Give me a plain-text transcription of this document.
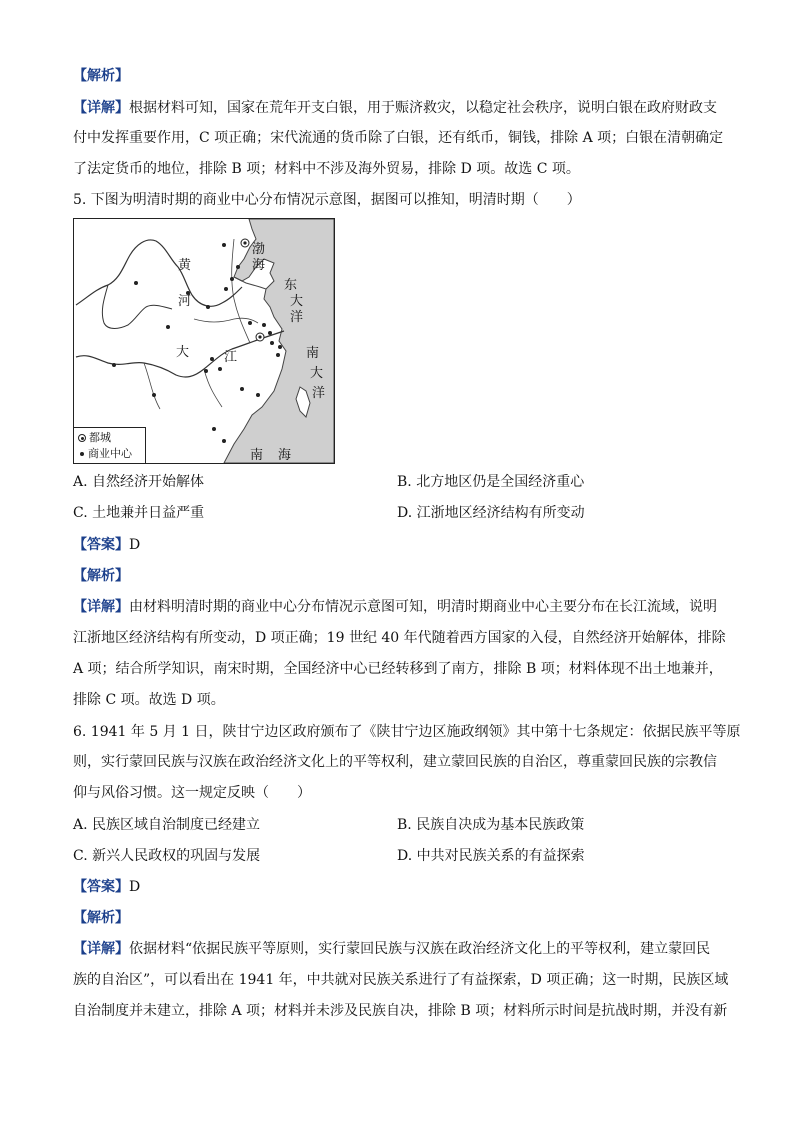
【解析】
【详解】根据材料可知，国家在荒年开支白银，用于赈济救灾，以稳定社会秩序，说明白银在政府财政支
付中发挥重要作用，C 项正确；宋代流通的货币除了白银，还有纸币，铜钱，排除 A 项；白银在清朝确定
了法定货币的地位，排除 B 项；材料中不涉及海外贸易，排除 D 项。故选 C 项。
5. 下图为明清时期的商业中心分布情况示意图，据图可以推知，明清时期（　　）
渤
海
黄
河
大	江
东
大
洋
南
大
洋
南 海
都城
商业中心
A. 自然经济开始解体	B. 北方地区仍是全国经济重心
C. 土地兼并日益严重	D. 江浙地区经济结构有所变动
【答案】D
【解析】
【详解】由材料明清时期的商业中心分布情况示意图可知，明清时期商业中心主要分布在长江流域，说明
江浙地区经济结构有所变动，D 项正确；19 世纪 40 年代随着西方国家的入侵，自然经济开始解体，排除
A 项；结合所学知识，南宋时期，全国经济中心已经转移到了南方，排除 B 项；材料体现不出土地兼并，
排除 C 项。故选 D 项。
6. 1941 年 5 月 1 日，陕甘宁边区政府颁布了《陕甘宁边区施政纲领》其中第十七条规定：依据民族平等原
则，实行蒙回民族与汉族在政治经济文化上的平等权利，建立蒙回民族的自治区，尊重蒙回民族的宗教信
仰与风俗习惯。这一规定反映（　　）
A. 民族区域自治制度已经建立	B. 民族自决成为基本民族政策
C. 新兴人民政权的巩固与发展	D. 中共对民族关系的有益探索
【答案】D
【解析】
【详解】依据材料“依据民族平等原则，实行蒙回民族与汉族在政治经济文化上的平等权利，建立蒙回民
族的自治区”，可以看出在 1941 年，中共就对民族关系进行了有益探索，D 项正确；这一时期，民族区域
自治制度并未建立，排除 A 项；材料并未涉及民族自决，排除 B 项；材料所示时间是抗战时期，并没有新
